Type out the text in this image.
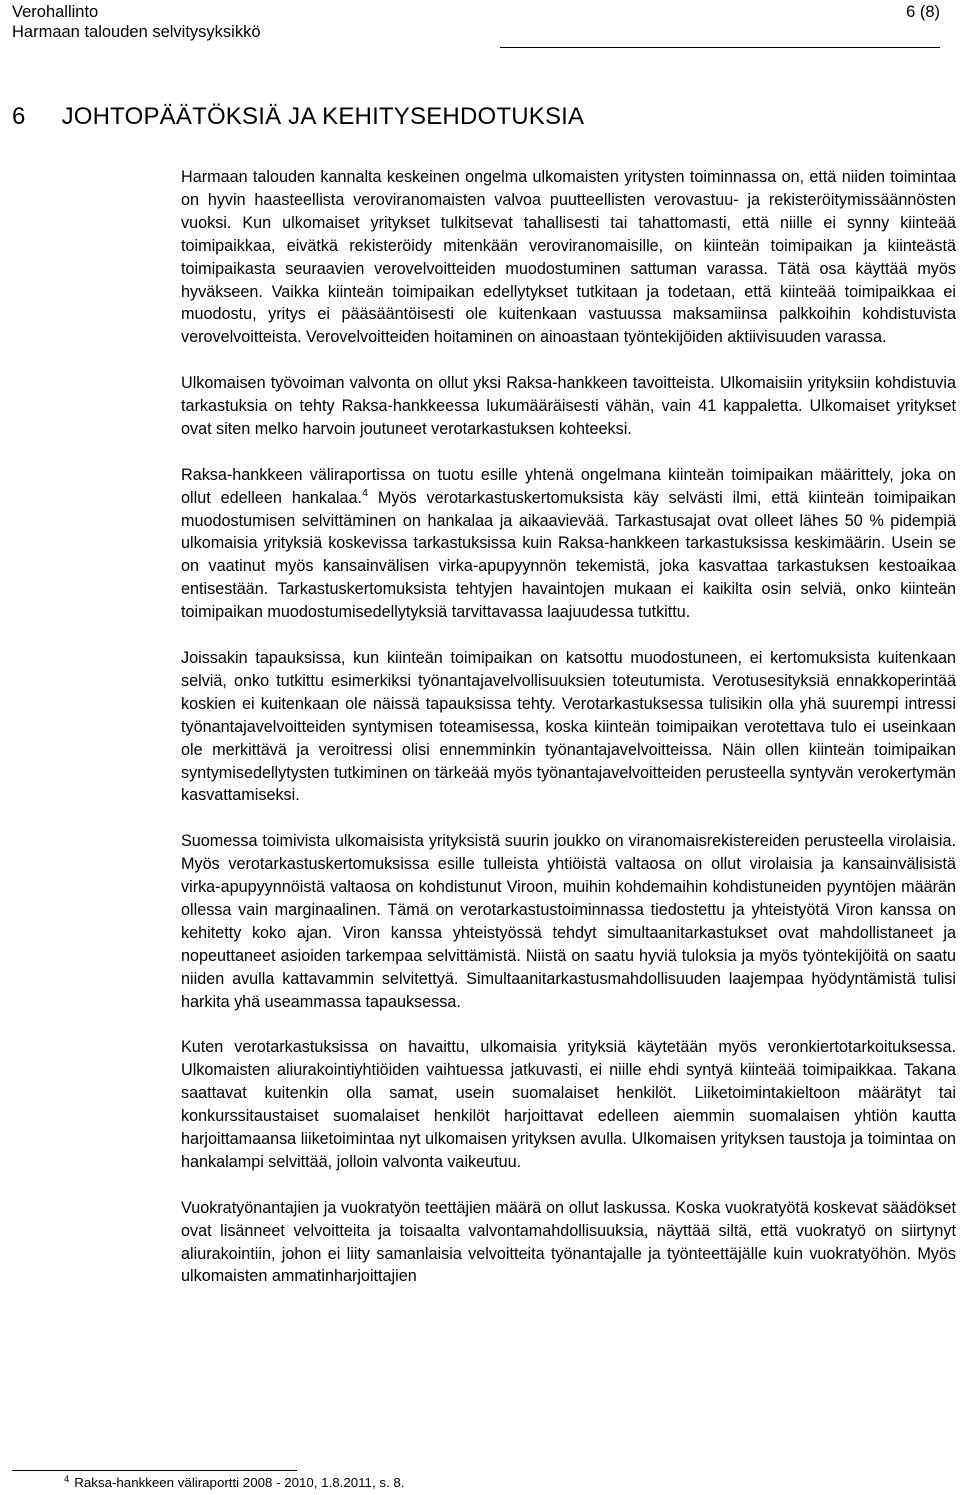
Verohallinto
Harmaan talouden selvitysyksikkö
6 (8)
6 JOHTOPÄÄTÖKSIÄ JA KEHITYSEHDOTUKSIA

Harmaan talouden kannalta keskeinen ongelma ulkomaisten yritysten toiminnassa on, että niiden toimintaa on hyvin haasteellista veroviranomaisten valvoa puutteellisten verovastuu- ja rekisteröitymissäännösten vuoksi. Kun ulkomaiset yritykset tulkitsevat tahallisesti tai tahattomasti, että niille ei synny kiinteää toimipaikkaa, eivätkä rekisteröidy mitenkään veroviranomaisille, on kiinteän toimipaikan ja kiinteästä toimipaikasta seuraavien verovelvoitteiden muodostuminen sattuman varassa. Tätä osa käyttää myös hyväkseen. Vaikka kiinteän toimipaikan edellytykset tutkitaan ja todetaan, että kiinteää toimipaikkaa ei muodostu, yritys ei pääsääntöisesti ole kuitenkaan vastuussa maksamiinsa palkkoihin kohdistuvista verovelvoitteista. Verovelvoitteiden hoitaminen on ainoastaan työntekijöiden aktiivisuuden varassa.

Ulkomaisen työvoiman valvonta on ollut yksi Raksa-hankkeen tavoitteista. Ulkomaisiin yrityksiin kohdistuvia tarkastuksia on tehty Raksa-hankkeessa lukumääräisesti vähän, vain 41 kappaletta. Ulkomaiset yritykset ovat siten melko harvoin joutuneet verotarkastuksen kohteeksi.

Raksa-hankkeen väliraportissa on tuotu esille yhtenä ongelmana kiinteän toimipaikan määrittely, joka on ollut edelleen hankalaa.$^4$ Myös verotarkastuskertomuksista käy selvästi ilmi, että kiinteän toimipaikan muodostumisen selvittäminen on hankalaa ja aikaavievää. Tarkastusajat ovat olleet lähes 50 % pidempiä ulkomaisia yrityksiä koskevissa tarkastuksissa kuin Raksa-hankkeen tarkastuksissa keskimäärin. Usein se on vaatinut myös kansainvälisen virka-apupyynnön tekemistä, joka kasvattaa tarkastuksen kestoaikaa entisestään. Tarkastuskertomuksista tehtyjen havaintojen mukaan ei kaikilta osin selviä, onko kiinteän toimipaikan muodostumisedellytyksiä tarvittavassa laajuudessa tutkittu.

Joissakin tapauksissa, kun kiinteän toimipaikan on katsottu muodostuneen, ei kertomuksista kuitenkaan selviä, onko tutkittu esimerkiksi työnantajavelvollisuuksien toteutumista. Verotusesityksiä ennakkoperintää koskien ei kuitenkaan ole näissä tapauksissa tehty. Verotarkastuksessa tulisikin olla yhä suurempi intressi työnantajavelvoitteiden syntymisen toteamisessa, koska kiinteän toimipaikan verotettava tulo ei useinkaan ole merkittävä ja veroitressi olisi ennemminkin työnantajavelvoitteissa. Näin ollen kiinteän toimipaikan syntymisedellytysten tutkiminen on tärkeää myös työnantajavelvoitteiden perusteella syntyvän verokertymän kasvattamiseksi.

Suomessa toimivista ulkomaisista yrityksistä suurin joukko on viranomaisrekistereiden perusteella virolaisia. Myös verotarkastuskertomuksissa esille tulleista yhtiöistä valtaosa on ollut virolaisia ja kansainvälisistä virka-apupyynnöistä valtaosa on kohdistunut Viroon, muihin kohdemaihin kohdistuneiden pyyntöjen määrän ollessa vain marginaalinen. Tämä on verotarkastustoiminnassa tiedostettu ja yhteistyötä Viron kanssa on kehitetty koko ajan. Viron kanssa yhteistyössä tehdyt simultaanitarkastukset ovat mahdollistaneet ja nopeuttaneet asioiden tarkempaa selvittämistä. Niistä on saatu hyviä tuloksia ja myös työntekijöitä on saatu niiden avulla kattavammin selvitettyä. Simultaanitarkastusmahdollisuuden laajempaa hyödyntämistä tulisi harkita yhä useammassa tapauksessa.

Kuten verotarkastuksissa on havaittu, ulkomaisia yrityksiä käytetään myös veronkiertotarkoituksessa. Ulkomaisten aliurakointiyhtiöiden vaihtuessa jatkuvasti, ei niille ehdi syntyä kiinteää toimipaikkaa. Takana saattavat kuitenkin olla samat, usein suomalaiset henkilöt. Liiketoimintakieltoon määrätyt tai konkurssitaustaiset suomalaiset henkilöt harjoittavat edelleen aiemmin suomalaisen yhtiön kautta harjoittamaansa liiketoimintaa nyt ulkomaisen yrityksen avulla. Ulkomaisen yrityksen taustoja ja toimintaa on hankalampi selvittää, jolloin valvonta vaikeutuu.

Vuokratyönantajien ja vuokratyön teettäjien määrä on ollut laskussa. Koska vuokratyötä koskevat säädökset ovat lisänneet velvoitteita ja toisaalta valvontamahdollisuuksia, näyttää siltä, että vuokratyö on siirtynyt aliurakointiin, johon ei liity samanlaisia velvoitteita työnantajalle ja työnteettäjälle kuin vuokratyöhön. Myös ulkomaisten ammatinharjoittajien

$^4$ Raksa-hankkeen väliraportti 2008 - 2010, 1.8.2011, s. 8.
